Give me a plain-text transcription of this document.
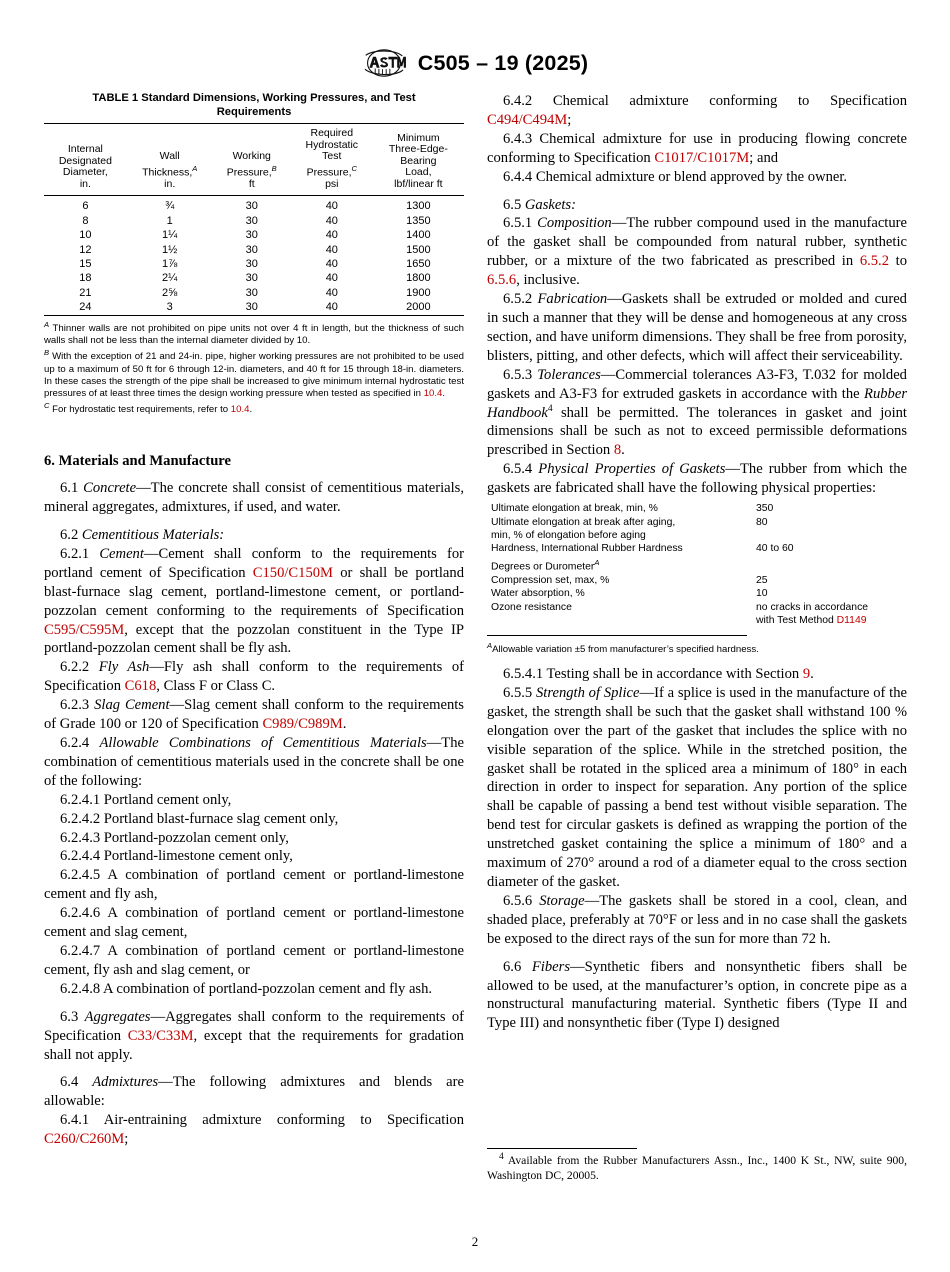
C505 – 19 (2025)
TABLE 1 Standard Dimensions, Working Pressures, and Test Requirements
Internal
Designated
Diameter,
in.	Wall
Thickness,$^A$
in.	Working
Pressure,$^B$
ft	Required
Hydrostatic
Test
Pressure,$^C$
psi	Minimum
Three-Edge-
Bearing
Load,
lbf/linear ft
6	¾	30	40	1300
8	1	30	40	1350
10	1¼	30	40	1400
12	1½	30	40	1500
15	1⅞	30	40	1650
18	2¼	30	40	1800
21	2⅝	30	40	1900
24	3	30	40	2000

$^A$ Thinner walls are not prohibited on pipe units not over 4 ft in length, but the thickness of such walls shall not be less than the internal diameter divided by 10.

$^B$ With the exception of 21 and 24-in. pipe, higher working pressures are not prohibited to be used up to a maximum of 50 ft for 6 through 12-in. diameters, and 40 ft for 15 through 18-in. diameters. In these cases the strength of the pipe shall be increased to give minimum internal hydrostatic test pressures of at least three times the design working pressure when tested as specified in 10.4.

$^C$ For hydrostatic test requirements, refer to 10.4.

6. Materials and Manufacture

6.1 Concrete—The concrete shall consist of cementitious materials, mineral aggregates, admixtures, if used, and water.

6.2 Cementitious Materials:

6.2.1 Cement—Cement shall conform to the requirements for portland cement of Specification C150/C150M or shall be portland blast-furnace slag cement, portland-limestone cement, or portland-pozzolan cement conforming to the requirements of Specification C595/C595M, except that the pozzolan constituent in the Type IP portland-pozzolan cement shall be fly ash.

6.2.2 Fly Ash—Fly ash shall conform to the requirements of Specification C618, Class F or Class C.

6.2.3 Slag Cement—Slag cement shall conform to the requirements of Grade 100 or 120 of Specification C989/C989M.

6.2.4 Allowable Combinations of Cementitious Materials—The combination of cementitious materials used in the concrete shall be one of the following:

6.2.4.1 Portland cement only,

6.2.4.2 Portland blast-furnace slag cement only,

6.2.4.3 Portland-pozzolan cement only,

6.2.4.4 Portland-limestone cement only,

6.2.4.5 A combination of portland cement or portland-limestone cement and fly ash,

6.2.4.6 A combination of portland cement or portland-limestone cement and slag cement,

6.2.4.7 A combination of portland cement or portland-limestone cement, fly ash and slag cement, or

6.2.4.8 A combination of portland-pozzolan cement and fly ash.

6.3 Aggregates—Aggregates shall conform to the requirements of Specification C33/C33M, except that the requirements for gradation shall not apply.

6.4 Admixtures—The following admixtures and blends are allowable:

6.4.1 Air-entraining admixture conforming to Specification C260/C260M;

6.4.2 Chemical admixture conforming to Specification C494/C494M;

6.4.3 Chemical admixture for use in producing flowing concrete conforming to Specification C1017/C1017M; and

6.4.4 Chemical admixture or blend approved by the owner.

6.5 Gaskets:

6.5.1 Composition—The rubber compound used in the manufacture of the gasket shall be compounded from natural rubber, synthetic rubber, or a mixture of the two fabricated as prescribed in 6.5.2 to 6.5.6, inclusive.

6.5.2 Fabrication—Gaskets shall be extruded or molded and cured in such a manner that they will be dense and homogeneous at any cross section, and have uniform dimensions. They shall be free from porosity, blisters, pitting, and other defects, which will affect their serviceability.

6.5.3 Tolerances—Commercial tolerances A3-F3, T.032 for molded gaskets and A3-F3 for extruded gaskets in accordance with the Rubber Handbook$^4$ shall be permitted. The tolerances in gasket and joint dimensions shall be such as not to exceed permissible deformations prescribed in Section 8.

6.5.4 Physical Properties of Gaskets—The rubber from which the gaskets are fabricated shall have the following physical properties:

Ultimate elongation at break, min, %	350
Ultimate elongation at break after aging,	80
min, % of elongation before aging	
Hardness, International Rubber Hardness	40 to 60
Degrees or Durometer$^A$	
Compression set, max, %	25
Water absorption, %	10
Ozone resistance	no cracks in accordance
	with Test Method D1149

$^A$Allowable variation ±5 from manufacturer’s specified hardness.

6.5.4.1 Testing shall be in accordance with Section 9.

6.5.5 Strength of Splice—If a splice is used in the manufacture of the gasket, the strength shall be such that the gasket shall withstand 100 % elongation over the part of the gasket that includes the splice with no visible separation of the splice. While in the stretched position, the gasket shall be rotated in the spliced area a minimum of 180° in each direction in order to inspect for separation. Any portion of the splice shall be capable of passing a bend test without visible separation. The bend test for circular gaskets is defined as wrapping the portion of the unstretched gasket containing the splice a minimum of 180° and a maximum of 270° around a rod of a diameter equal to the cross section diameter of the gasket.

6.5.6 Storage—The gaskets shall be stored in a cool, clean, and shaded place, preferably at 70°F or less and in no case shall the gaskets be exposed to the direct rays of the sun for more than 72 h.

6.6 Fibers—Synthetic fibers and nonsynthetic fibers shall be allowed to be used, at the manufacturer’s option, in concrete pipe as a nonstructural manufacturing material. Synthetic fibers (Type II and Type III) and nonsynthetic fiber (Type I) designed

$^4$ Available from the Rubber Manufacturers Assn., Inc., 1400 K St., NW, suite 900, Washington DC, 20005.

2
